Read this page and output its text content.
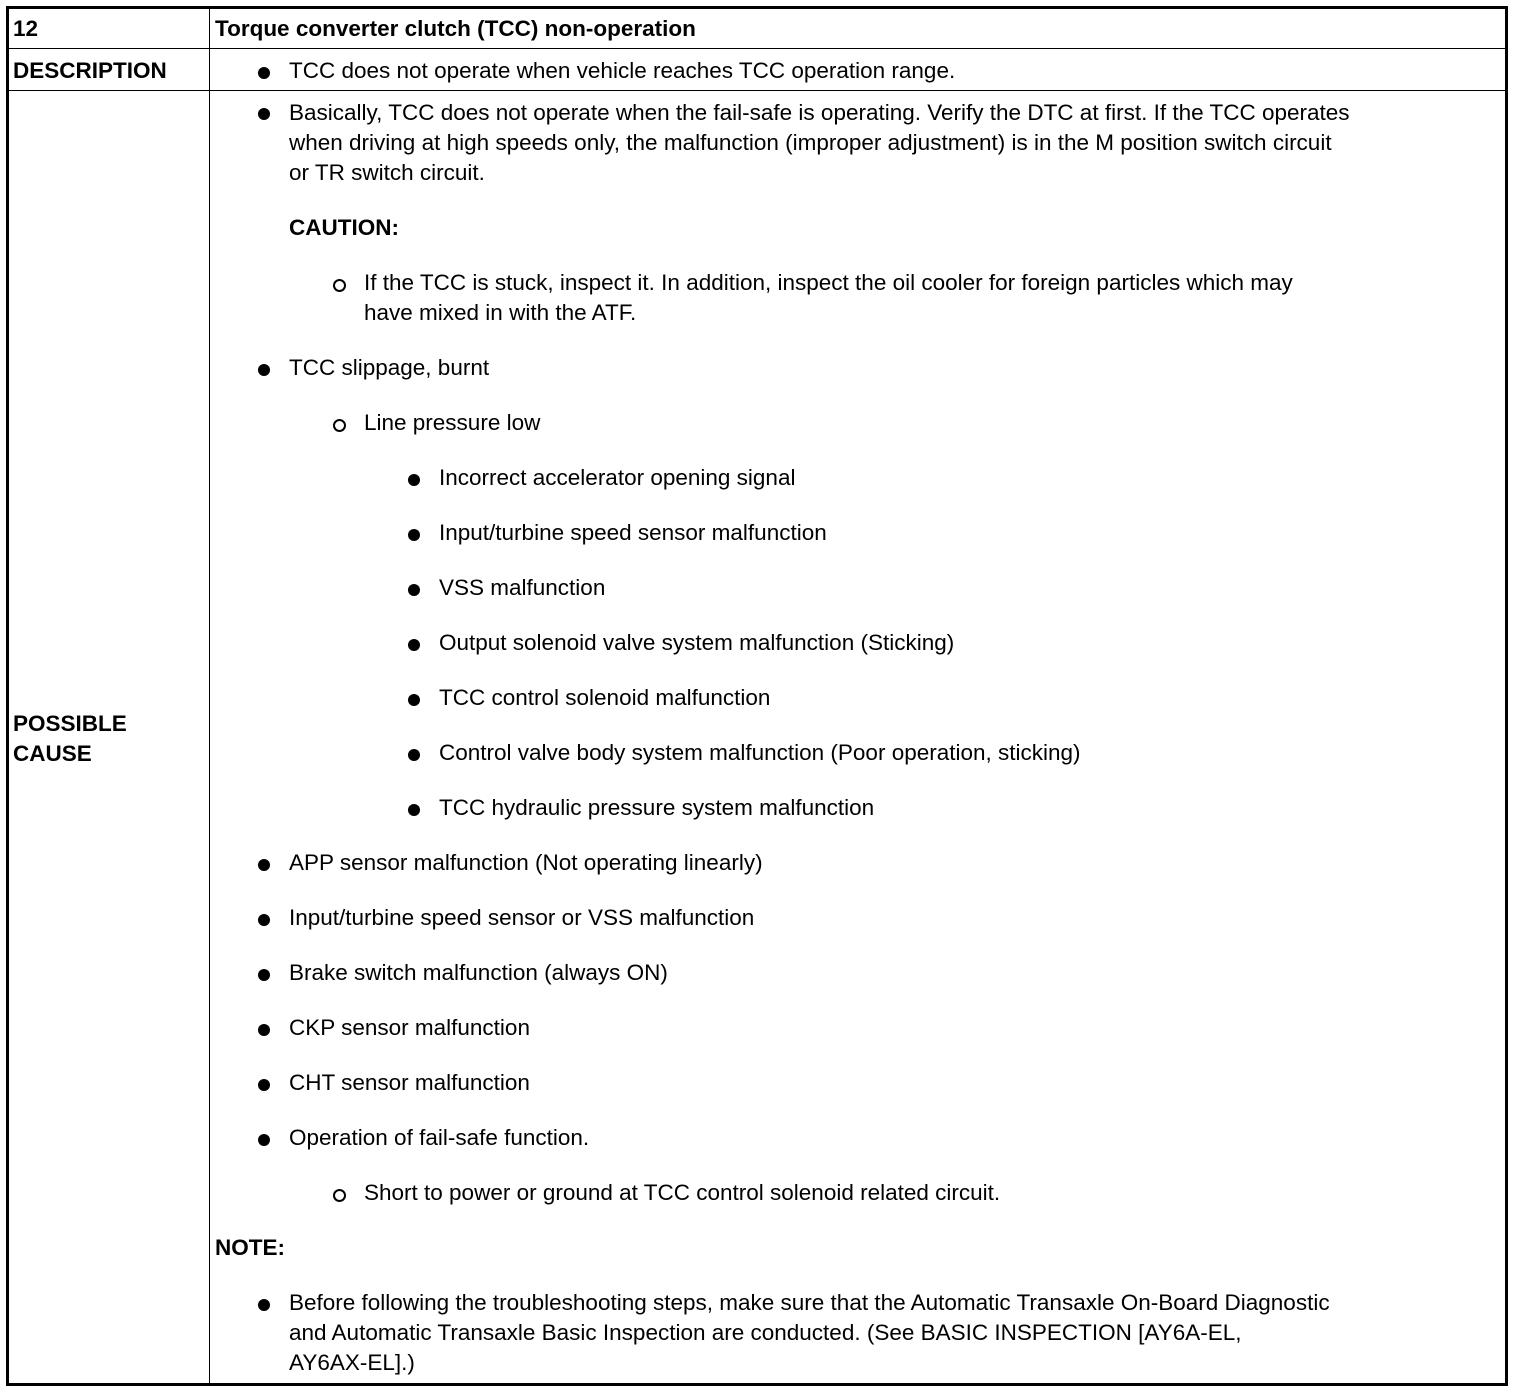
12	Torque converter clutch (TCC) non-operation
DESCRIPTION	TCC does not operate when vehicle reaches TCC operation range.
POSSIBLE
CAUSE
Basically, TCC does not operate when the fail-safe is operating. Verify the DTC at first. If the TCC operates
when driving at high speeds only, the malfunction (improper adjustment) is in the M position switch circuit
or TR switch circuit.
CAUTION:
If the TCC is stuck, inspect it. In addition, inspect the oil cooler for foreign particles which may
have mixed in with the ATF.
TCC slippage, burnt
Line pressure low
Incorrect accelerator opening signal
Input/turbine speed sensor malfunction
VSS malfunction
Output solenoid valve system malfunction (Sticking)
TCC control solenoid malfunction
Control valve body system malfunction (Poor operation, sticking)
TCC hydraulic pressure system malfunction
APP sensor malfunction (Not operating linearly)
Input/turbine speed sensor or VSS malfunction
Brake switch malfunction (always ON)
CKP sensor malfunction
CHT sensor malfunction
Operation of fail-safe function.
Short to power or ground at TCC control solenoid related circuit.
NOTE:
Before following the troubleshooting steps, make sure that the Automatic Transaxle On-Board Diagnostic
and Automatic Transaxle Basic Inspection are conducted. (See BASIC INSPECTION [AY6A-EL,
AY6AX-EL].)
